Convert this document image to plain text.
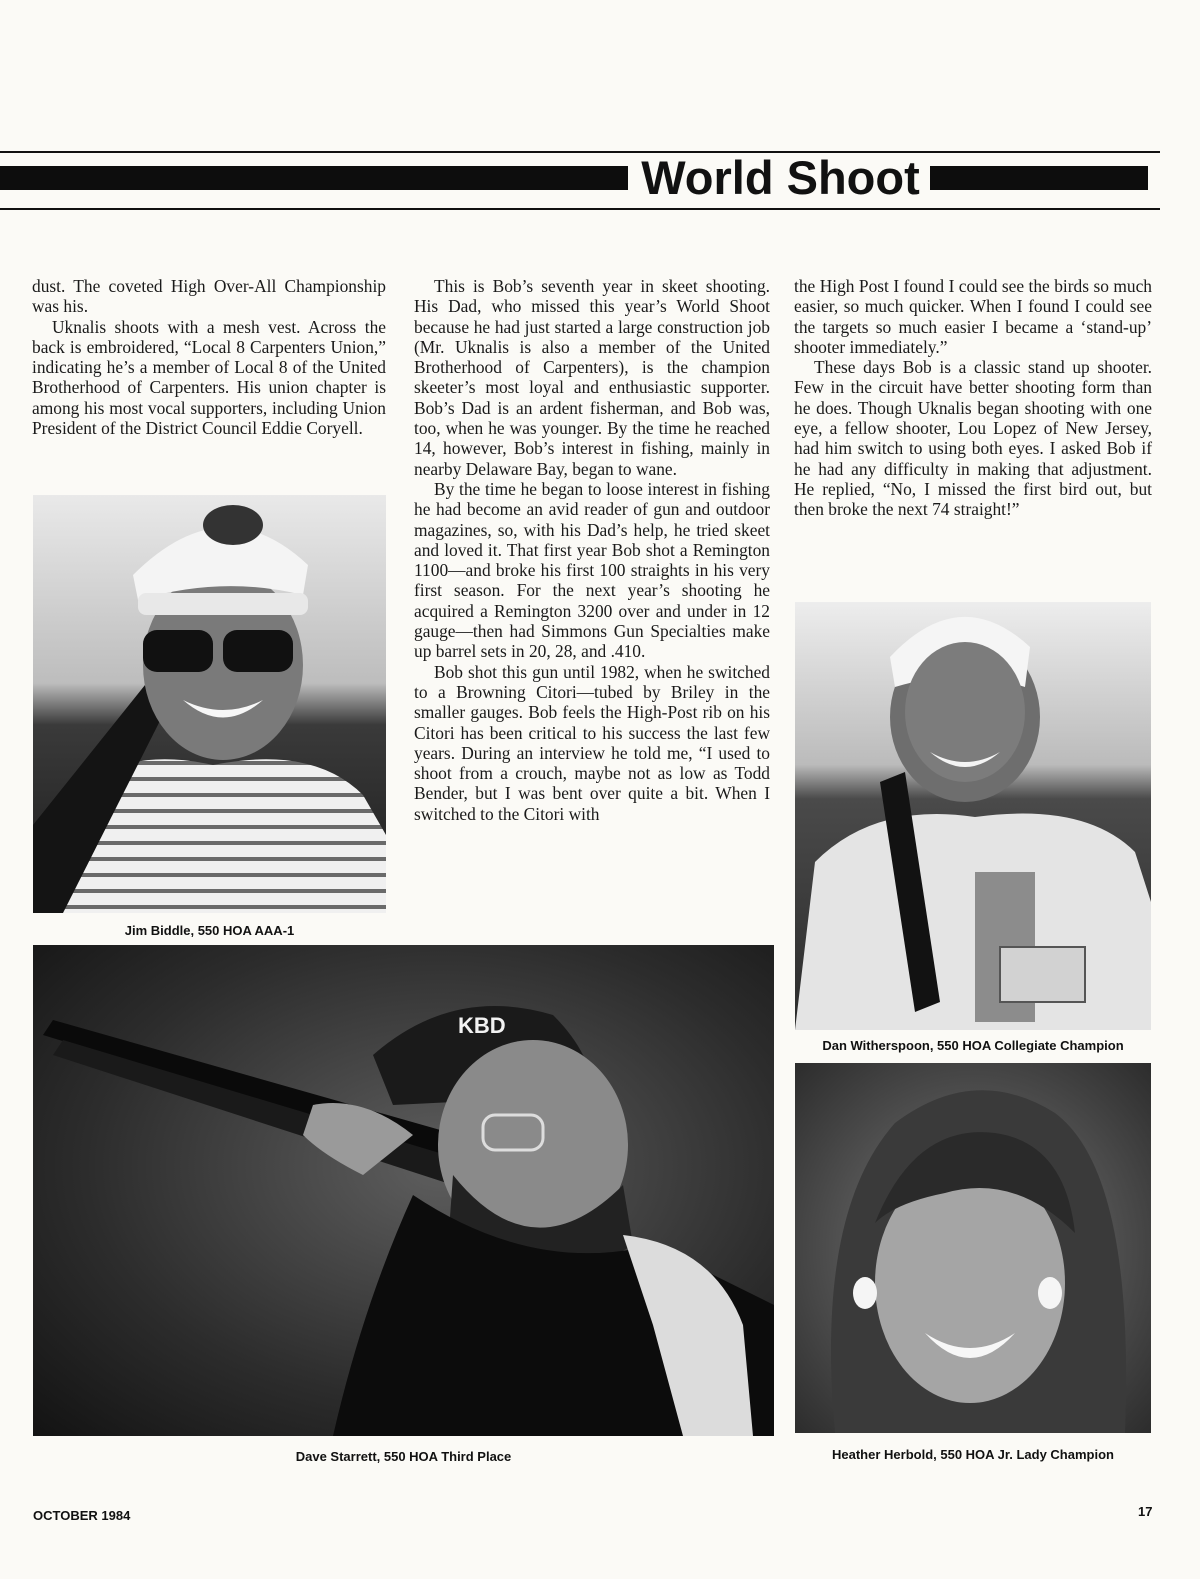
World Shoot

dust. The coveted High Over-All Championship was his.

Uknalis shoots with a mesh vest. Across the back is embroidered, “Local 8 Carpenters Union,” indicating he’s a member of Local 8 of the United Brotherhood of Carpenters. His union chapter is among his most vocal supporters, including Union President of the District Council Eddie Coryell.

This is Bob’s seventh year in skeet shooting. His Dad, who missed this year’s World Shoot because he had just started a large construction job (Mr. Uknalis is also a member of the United Brotherhood of Carpenters), is the champion skeeter’s most loyal and enthusiastic supporter. Bob’s Dad is an ardent fisherman, and Bob was, too, when he was younger. By the time he reached 14, however, Bob’s interest in fishing, mainly in nearby Delaware Bay, began to wane.

By the time he began to loose interest in fishing he had become an avid reader of gun and outdoor magazines, so, with his Dad’s help, he tried skeet and loved it. That first year Bob shot a Remington 1100—and broke his first 100 straights in his very first season. For the next year’s shooting he acquired a Remington 3200 over and under in 12 gauge—then had Simmons Gun Specialties make up barrel sets in 20, 28, and .410.

Bob shot this gun until 1982, when he switched to a Browning Citori—tubed by Briley in the smaller gauges. Bob feels the High-Post rib on his Citori has been critical to his success the last few years. During an interview he told me, “I used to shoot from a crouch, maybe not as low as Todd Bender, but I was bent over quite a bit. When I switched to the Citori with

the High Post I found I could see the birds so much easier, so much quicker. When I found I could see the targets so much easier I became a ‘stand-up’ shooter immediately.”

These days Bob is a classic stand up shooter. Few in the circuit have better shooting form than he does. Though Uknalis began shooting with one eye, a fellow shooter, Lou Lopez of New Jersey, had him switch to using both eyes. I asked Bob if he had any difficulty in making that adjustment. He replied, “No, I missed the first bird out, but then broke the next 74 straight!”

Jim Biddle, 550 HOA AAA-1
KBD
Dave Starrett, 550 HOA Third Place
Dan Witherspoon, 550 HOA Collegiate Champion
Heather Herbold, 550 HOA Jr. Lady Champion
OCTOBER 1984	17
